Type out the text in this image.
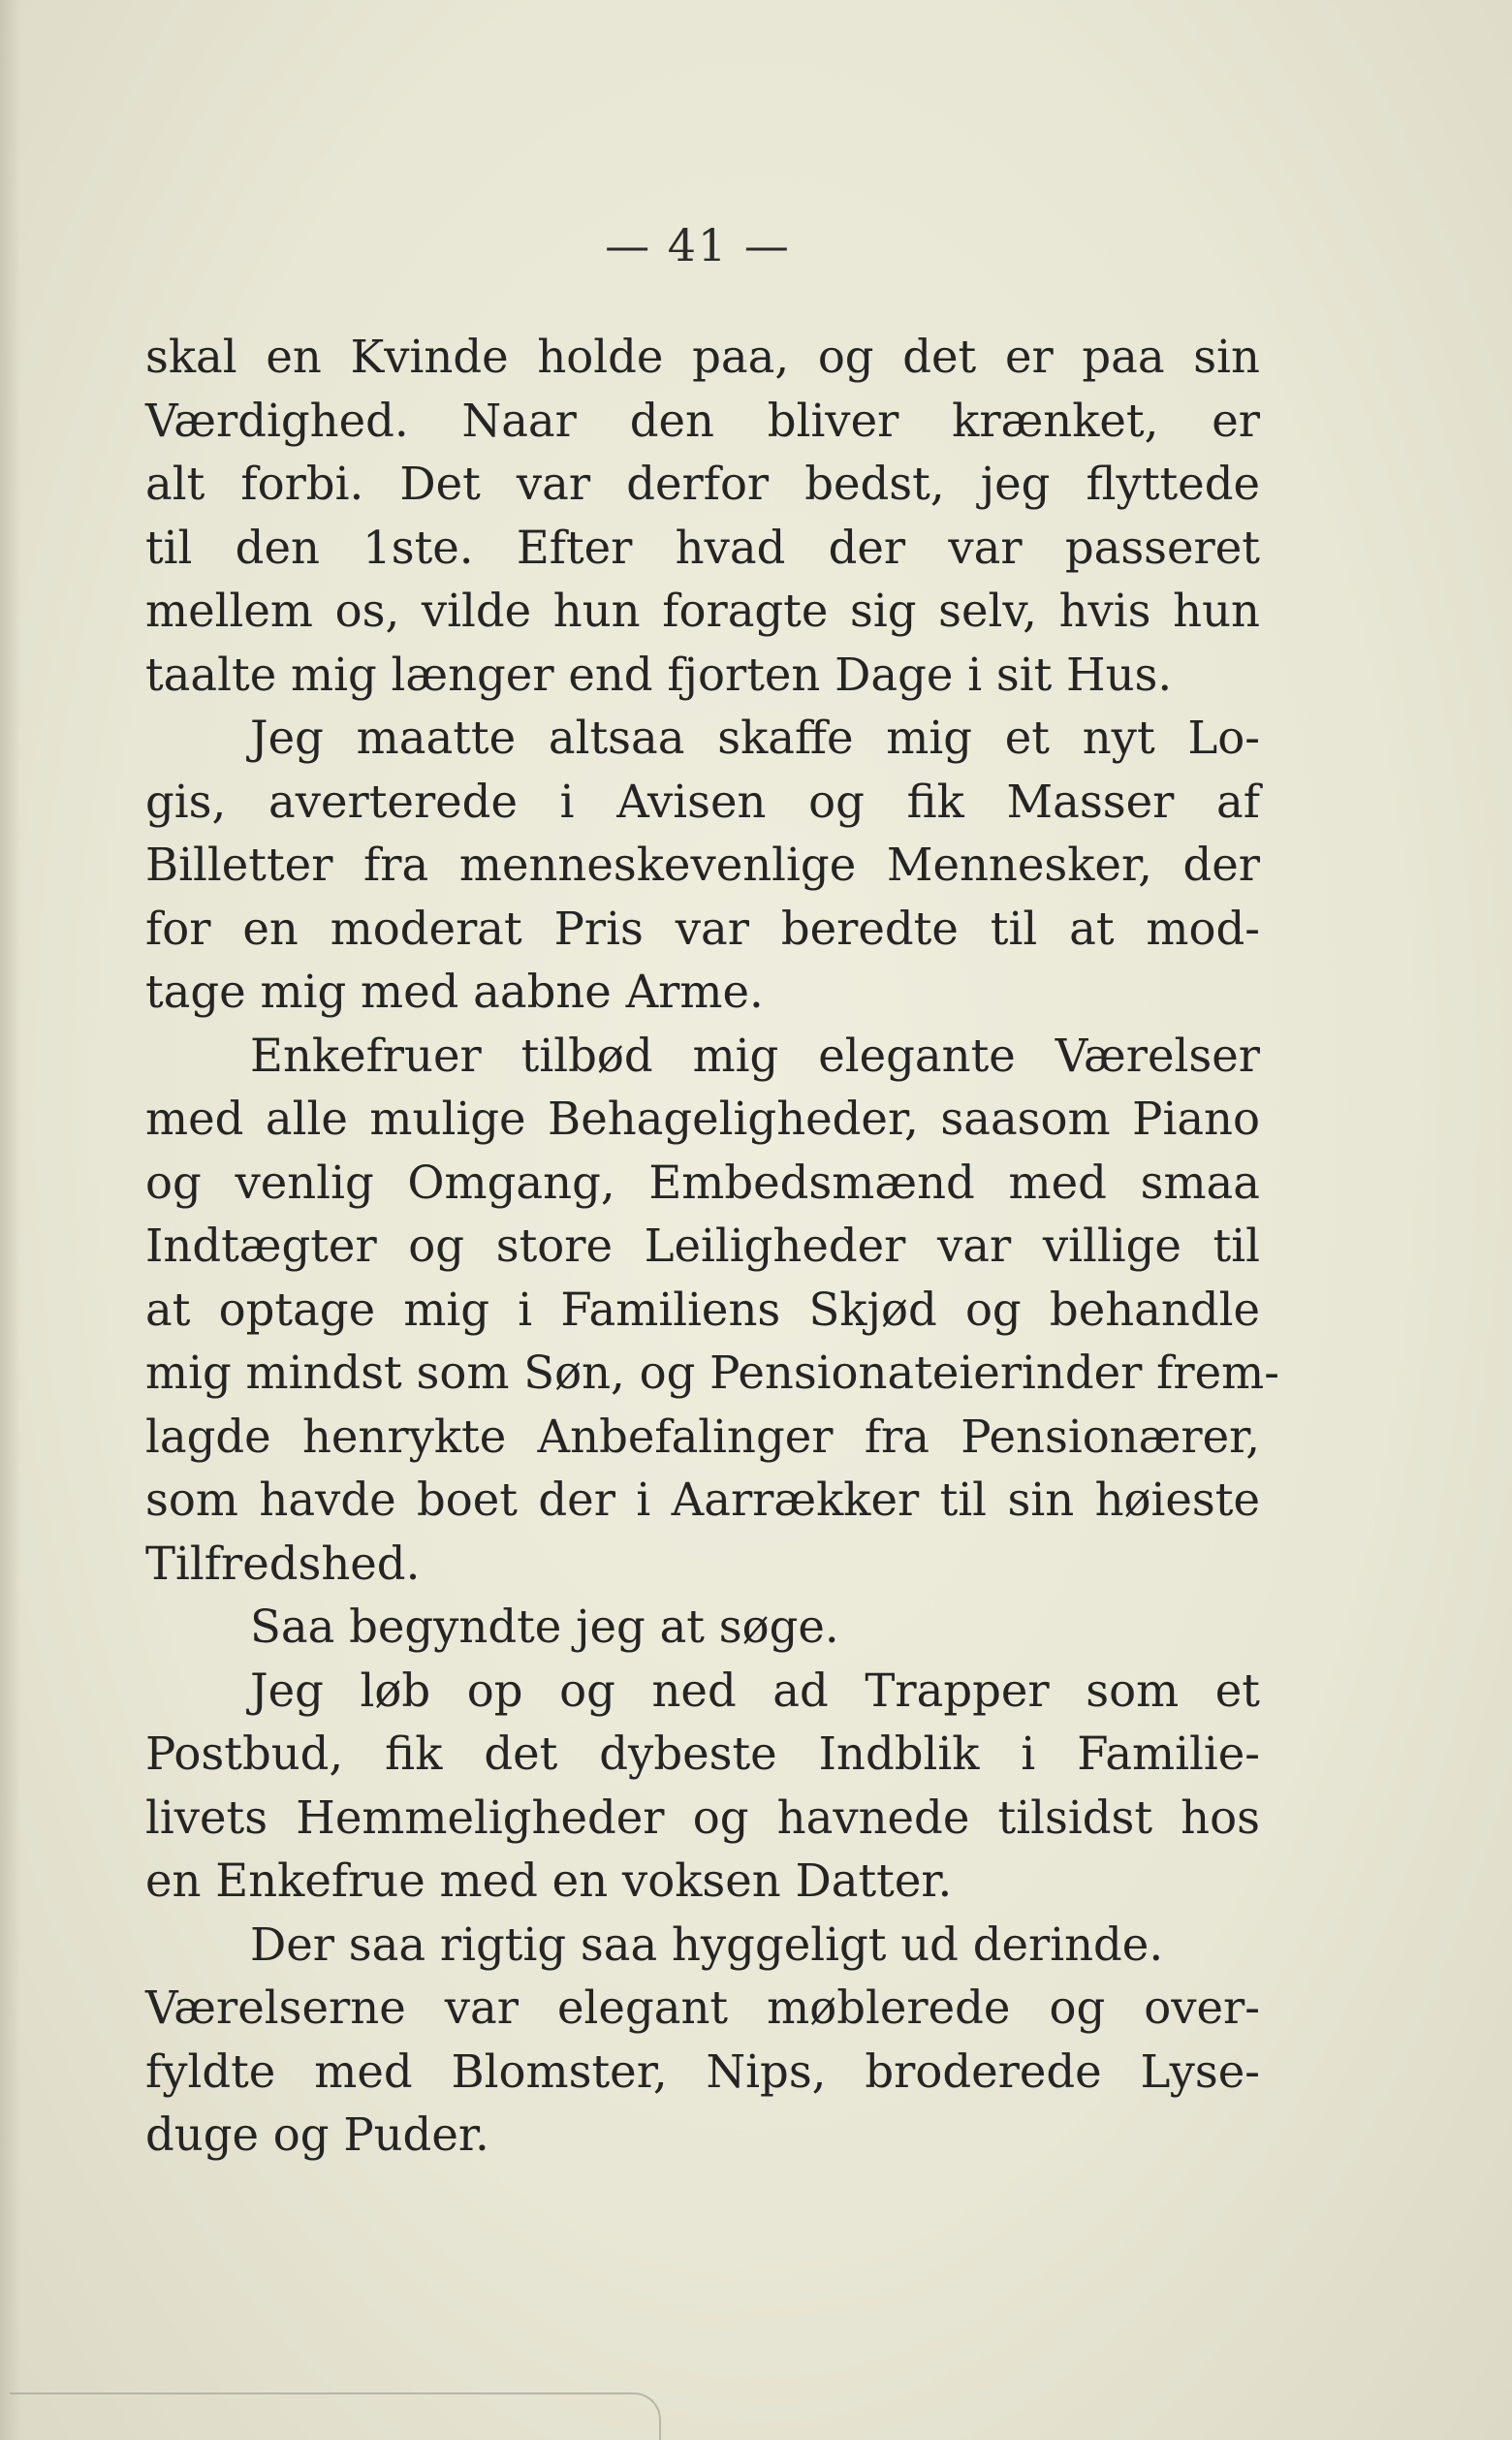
— 41 —
skal en Kvinde holde paa, og det er paa sin
Værdighed. Naar den bliver krænket, er
alt forbi. Det var derfor bedst, jeg flyttede
til den 1ste. Efter hvad der var passeret
mellem os, vilde hun foragte sig selv, hvis hun
taalte mig længer end fjorten Dage i sit Hus.
Jeg maatte altsaa skaffe mig et nyt Lo-
gis, averterede i Avisen og fik Masser af
Billetter fra menneskevenlige Mennesker, der
for en moderat Pris var beredte til at mod-
tage mig med aabne Arme.
Enkefruer tilbød mig elegante Værelser
med alle mulige Behageligheder, saasom Piano
og venlig Omgang, Embedsmænd med smaa
Indtægter og store Leiligheder var villige til
at optage mig i Familiens Skjød og behandle
mig mindst som Søn, og Pensionateierinder frem-
lagde henrykte Anbefalinger fra Pensionærer,
som havde boet der i Aarrækker til sin høieste
Tilfredshed.
Saa begyndte jeg at søge.
Jeg løb op og ned ad Trapper som et
Postbud, fik det dybeste Indblik i Familie-
livets Hemmeligheder og havnede tilsidst hos
en Enkefrue med en voksen Datter.
Der saa rigtig saa hyggeligt ud derinde.
Værelserne var elegant møblerede og over-
fyldte med Blomster, Nips, broderede Lyse-
duge og Puder.
